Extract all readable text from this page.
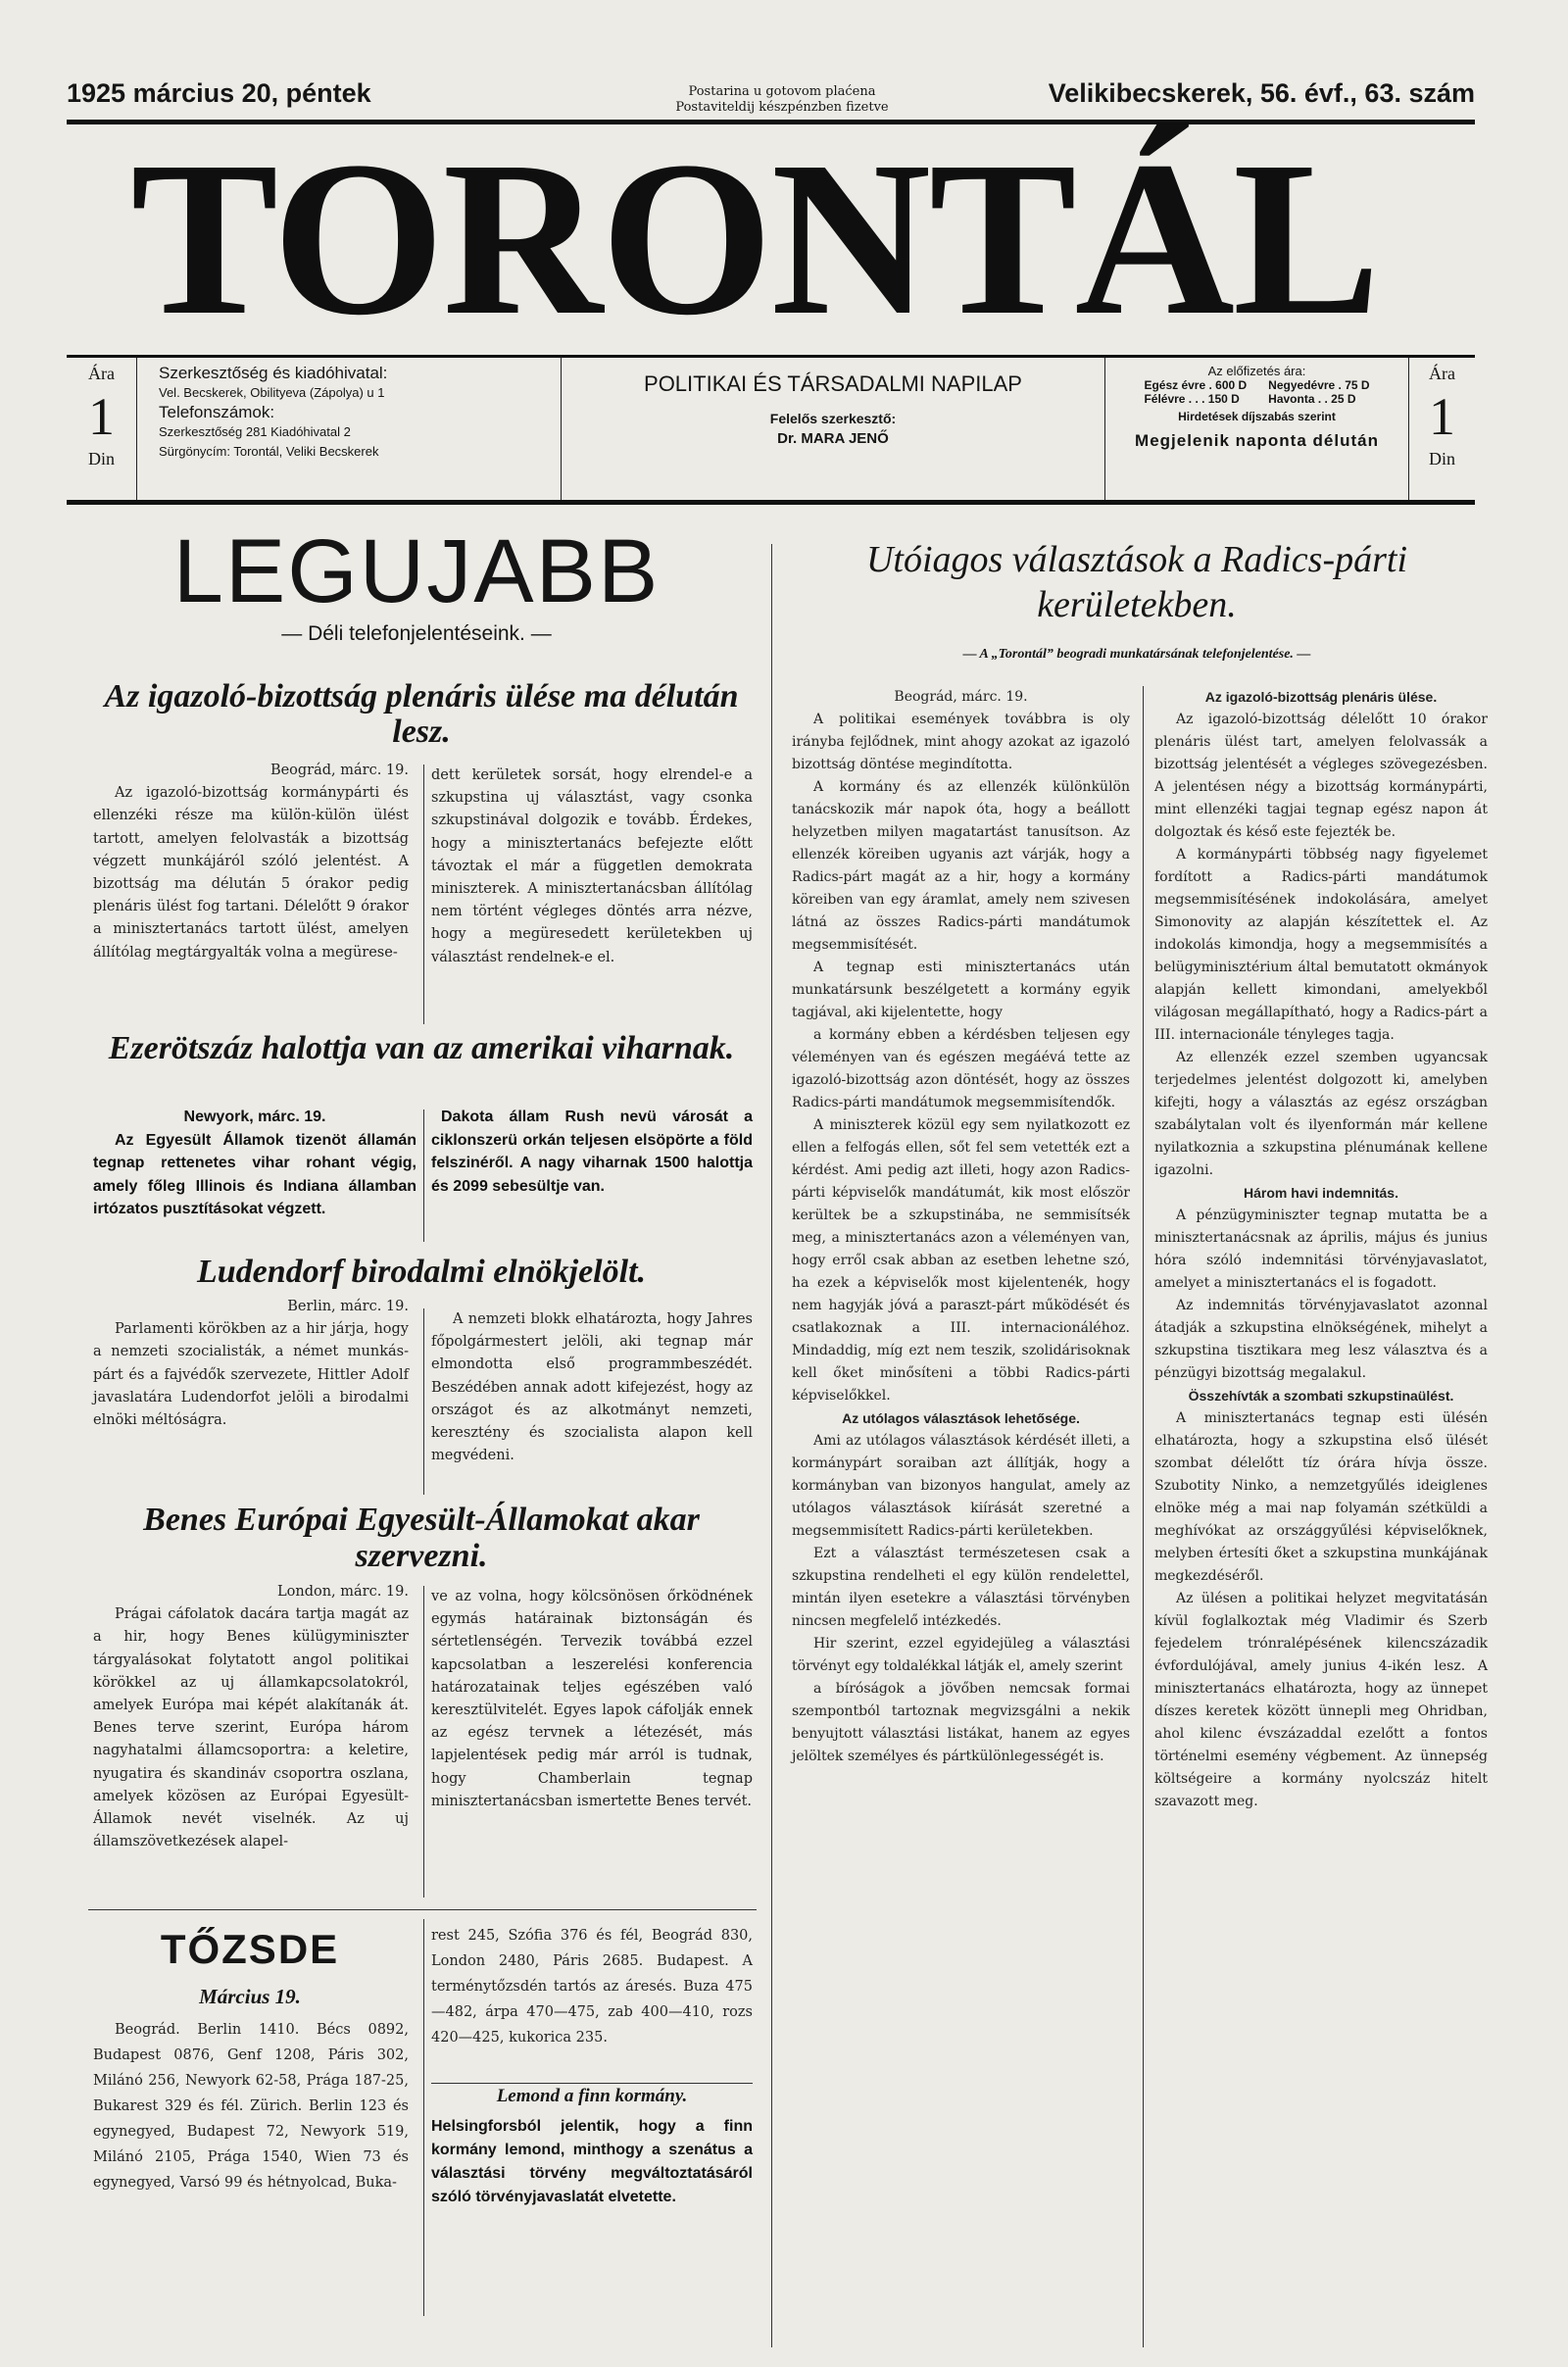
1925 március 20, péntek	Postarina u gotovom plaćena
Postaviteldij készpénzben fizetve	Velikibecskerek, 56. évf., 63. szám
TORONTÁL
Ára
1
Din
Szerkesztőség és kiadóhivatal:
Vel. Becskerek, Obilityeva (Zápolya) u 1
Telefonszámok:
Szerkesztőség 281 Kiadóhivatal 2
Sürgönycím: Torontál, Veliki Becskerek
POLITIKAI ÉS TÁRSADALMI NAPILAP
Felelős szerkesztő:
Dr. MARA JENŐ
Az előfizetés ára:
Egész évre . 600 D
Félévre . . . 150 D
Negyedévre . 75 D
Havonta . . 25 D
Hirdetések díjszabás szerint
Megjelenik naponta délután
Ára
1
Din
LEGUJABB
— Déli telefonjelentéseink. —
Az igazoló-bizottság plenáris ülése ma délután lesz.

Beográd, márc. 19.

Az igazoló-bizottság kormánypárti és ellenzéki része ma külön-külön ülést tartott, amelyen felolvasták a bizottság végzett munkájáról szóló jelentést. A bizottság ma délután 5 órakor pedig plenáris ülést fog tartani. Délelőtt 9 órakor a minisztertanács tartott ülést, amelyen állítólag megtárgyalták volna a megürese-

dett kerületek sorsát, hogy elrendel-e a szkupstina uj választást, vagy csonka szkupstinával dolgozik e tovább. Érdekes, hogy a minisztertanács befejezte előtt távoztak el már a független demokrata miniszterek. A minisztertanácsban állítólag nem történt végleges döntés arra nézve, hogy a megüresedett kerületekben uj választást rendelnek-e el.

Ezerötszáz halottja van az amerikai viharnak.

Newyork, márc. 19.

Az Egyesült Államok tizenöt államán tegnap rettenetes vihar rohant végig, amely főleg Illinois és Indiana államban irtózatos pusztításokat végzett.

Dakota állam Rush nevü városát a ciklonszerü orkán teljesen elsöpörte a föld felszinéről. A nagy viharnak 1500 halottja és 2099 sebesültje van.

Ludendorf birodalmi elnökjelölt.

Berlin, márc. 19.

Parlamenti körökben az a hir járja, hogy a nemzeti szocialisták, a német munkás-párt és a fajvédők szervezete, Hittler Adolf javaslatára Ludendorfot jelöli a birodalmi elnöki méltóságra.

A nemzeti blokk elhatározta, hogy Jahres főpolgármestert jelöli, aki tegnap már elmondotta első programmbeszédét. Beszédében annak adott kifejezést, hogy az országot és az alkotmányt nemzeti, keresztény és szocialista alapon kell megvédeni.

Benes Európai Egyesült-Államokat akar szervezni.

London, márc. 19.

Prágai cáfolatok dacára tartja magát az a hir, hogy Benes külügyminiszter tárgyalásokat folytatott angol politikai körökkel az uj államkapcsolatokról, amelyek Európa mai képét alakítanák át. Benes terve szerint, Európa három nagyhatalmi államcsoportra: a keletire, nyugatira és skandináv csoportra oszlana, amelyek közösen az Európai Egyesült-Államok nevét viselnék. Az uj államszövetkezések alapel-

ve az volna, hogy kölcsönösen őrködnének egymás határainak biztonságán és sértetlenségén. Tervezik továbbá ezzel kapcsolatban a leszerelési konferencia határozatainak teljes egészében való keresztülvitelét. Egyes lapok cáfolják ennek az egész tervnek a létezését, más lapjelentések pedig már arról is tudnak, hogy Chamberlain tegnap minisztertanácsban ismertette Benes tervét.

TŐZSDE
Március 19.

Beográd. Berlin 1410. Bécs 0892, Budapest 0876, Genf 1208, Páris 302, Milánó 256, Newyork 62-58, Prága 187-25, Bukarest 329 és fél. Zürich. Berlin 123 és egynegyed, Budapest 72, Newyork 519, Milánó 2105, Prága 1540, Wien 73 és egynegyed, Varsó 99 és hétnyolcad, Buka-

rest 245, Szófia 376 és fél, Beográd 830, London 2480, Páris 2685. Budapest. A terménytőzsdén tartós az áresés. Buza 475—482, árpa 470—475, zab 400—410, rozs 420—425, kukorica 235.

Lemond a finn kormány.

Helsingforsból jelentik, hogy a finn kormány lemond, minthogy a szenátus a választási törvény megváltoztatásáról szóló törvényjavaslatát elvetette.

Utóiagos választások a Radics-párti kerületekben.
— A „Torontál” beogradi munkatársának telefonjelentése. —

Beográd, márc. 19.

A politikai események továbbra is oly irányba fejlődnek, mint ahogy azokat az igazoló bizottság döntése megindította.

A kormány és az ellenzék különkülön tanácskozik már napok óta, hogy a beállott helyzetben milyen magatartást tanusítson. Az ellenzék köreiben ugyanis azt várják, hogy a Radics-párt magát az a hir, hogy a kormány köreiben van egy áramlat, amely nem szivesen látná az összes Radics-párti mandátumok megsemmisítését.

A tegnap esti minisztertanács után munkatársunk beszélgetett a kormány egyik tagjával, aki kijelentette, hogy

a kormány ebben a kérdésben teljesen egy véleményen van és egészen megáévá tette az igazoló-bizottság azon döntését, hogy az összes Radics-párti mandátumok megsemmisítendők.

A miniszterek közül egy sem nyilatkozott ez ellen a felfogás ellen, sőt fel sem vetették ezt a kérdést. Ami pedig azt illeti, hogy azon Radics-párti képviselők mandátumát, kik most először kerültek be a szkupstinába, ne semmisítsék meg, a minisztertanács azon a véleményen van, hogy erről csak abban az esetben lehetne szó, ha ezek a képviselők most kijelentenék, hogy nem hagyják jóvá a paraszt-párt működését és csatlakoznak a III. internacionáléhoz. Mindaddig, míg ezt nem teszik, szolidárisoknak kell őket minősíteni a többi Radics-párti képviselőkkel.

Az utólagos választások lehetősége.

Ami az utólagos választások kérdését illeti, a kormánypárt soraiban azt állítják, hogy a kormányban van bizonyos hangulat, amely az utólagos választások kiírását szeretné a megsemmisített Radics-párti kerületekben.

Ezt a választást természetesen csak a szkupstina rendelheti el egy külön rendelettel, mintán ilyen esetekre a választási törvényben nincsen megfelelő intézkedés.

Hir szerint, ezzel egyidejüleg a választási törvényt egy toldalékkal látják el, amely szerint

a bíróságok a jövőben nemcsak formai szempontból tartoznak megvizsgálni a nekik benyujtott választási listákat, hanem az egyes jelöltek személyes és pártkülönlegességét is.

Az igazoló-bizottság plenáris ülése.

Az igazoló-bizottság délelőtt 10 órakor plenáris ülést tart, amelyen felolvassák a bizottság jelentését a végleges szövegezésben. A jelentésen négy a bizottság kormánypárti, mint ellenzéki tagjai tegnap egész napon át dolgoztak és késő este fejezték be.

A kormánypárti többség nagy figyelemet fordított a Radics-párti mandátumok megsemmisítésének indokolására, amelyet Simonovity az alapján készítettek el. Az indokolás kimondja, hogy a megsemmisítés a belügyminisztérium által bemutatott okmányok alapján kellett kimondani, amelyekből világosan megállapítható, hogy a Radics-párt a III. internacionále tényleges tagja.

Az ellenzék ezzel szemben ugyancsak terjedelmes jelentést dolgozott ki, amelyben kifejti, hogy a választás az egész országban szabálytalan volt és ilyenformán már kellene nyilatkoznia a szkupstina plénumának kellene igazolni.

Három havi indemnitás.

A pénzügyminiszter tegnap mutatta be a minisztertanácsnak az április, május és junius hóra szóló indemnitási törvényjavaslatot, amelyet a minisztertanács el is fogadott.

Az indemnitás törvényjavaslatot azonnal átadják a szkupstina elnökségének, mihelyt a szkupstina tisztikara meg lesz választva és a pénzügyi bizottság megalakul.

Összehívták a szombati szkupstinaülést.

A minisztertanács tegnap esti ülésén elhatározta, hogy a szkupstina első ülését szombat délelőtt tíz órára hívja össze. Szubotity Ninko, a nemzetgyűlés ideiglenes elnöke még a mai nap folyamán szétküldi a meghívókat az országgyűlési képviselőknek, melyben értesíti őket a szkupstina munkájának megkezdéséről.

Az ülésen a politikai helyzet megvitatásán kívül foglalkoztak még Vladimir és Szerb fejedelem trónralépésének kilencszázadik évfordulójával, amely junius 4-ikén lesz. A minisztertanács elhatározta, hogy az ünnepet díszes keretek között ünnepli meg Ohridban, ahol kilenc évszázaddal ezelőtt a fontos történelmi esemény végbement. Az ünnepség költségeire a kormány nyolcszáz hitelt szavazott meg.
